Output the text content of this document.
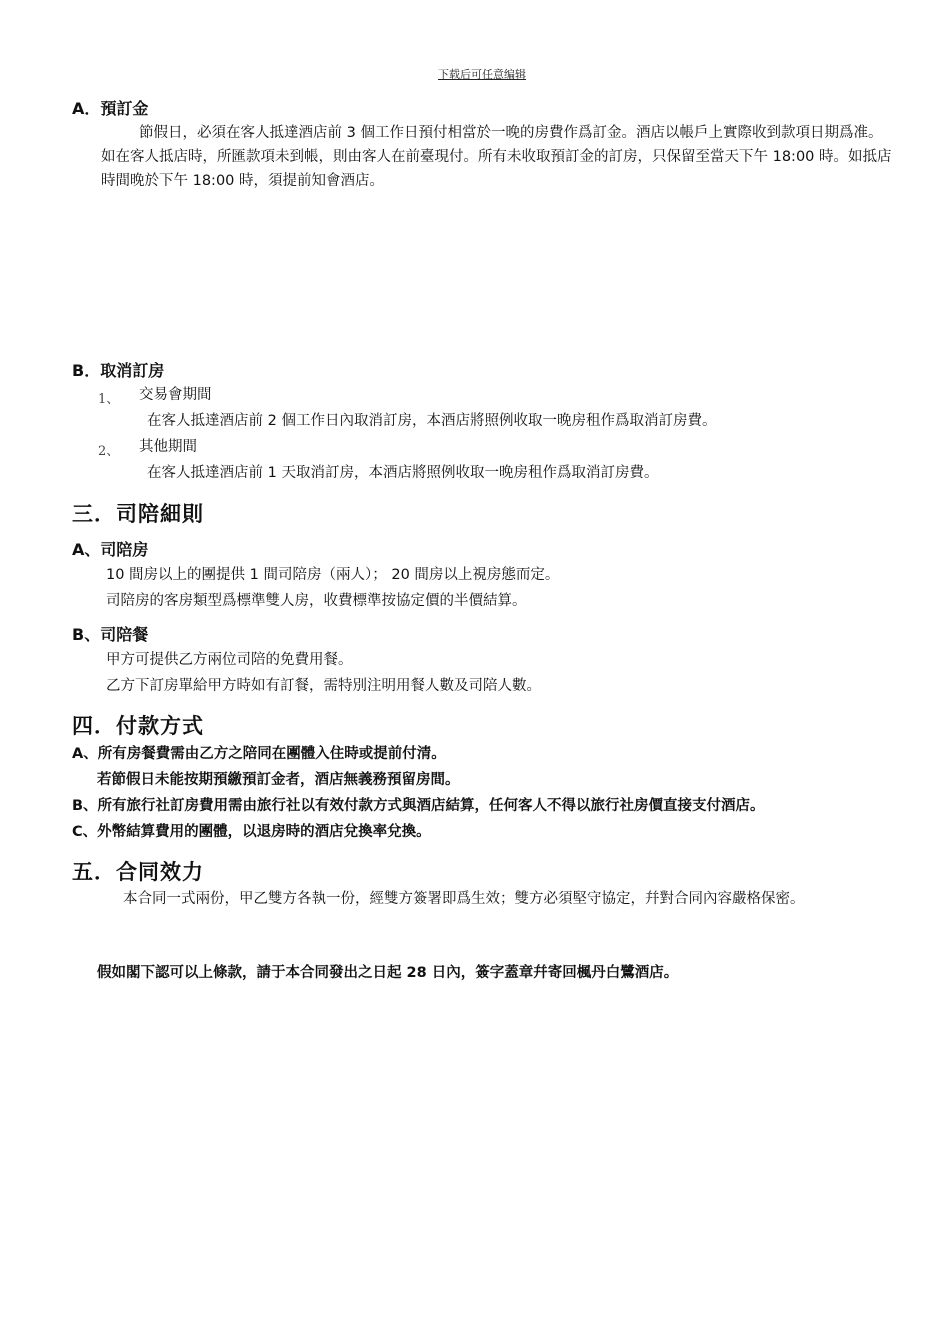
下载后可任意编辑
A．預訂金
節假日，必須在客人抵達酒店前 3 個工作日預付相當於一晚的房費作爲訂金。酒店以帳戶上實際收到款項日期爲准。如在客人抵店時，所匯款項未到帳，則由客人在前臺現付。所有未收取預訂金的訂房，只保留至當天下午 18:00 時。如抵店時間晚於下午 18:00 時，須提前知會酒店。
B．取消訂房
1、 交易會期間
在客人抵達酒店前 2 個工作日內取消訂房，本酒店將照例收取一晚房租作爲取消訂房費。
2、 其他期間
在客人抵達酒店前 1 天取消訂房，本酒店將照例收取一晚房租作爲取消訂房費。
三．司陪細則
A、司陪房
10 間房以上的團提供 1 間司陪房（兩人）； 20 間房以上視房態而定。
司陪房的客房類型爲標準雙人房，收費標準按協定價的半價結算。
B、司陪餐
甲方可提供乙方兩位司陪的免費用餐。
乙方下訂房單給甲方時如有訂餐，需特別注明用餐人數及司陪人數。
四．付款方式
A、所有房餐費需由乙方之陪同在團體入住時或提前付清。
若節假日未能按期預繳預訂金者，酒店無義務預留房間。
B、所有旅行社訂房費用需由旅行社以有效付款方式與酒店結算，任何客人不得以旅行社房價直接支付酒店。
C、外幣結算費用的團體，以退房時的酒店兌換率兌換。
五．合同效力
本合同一式兩份，甲乙雙方各執一份，經雙方簽署即爲生效；雙方必須堅守協定，幷對合同內容嚴格保密。
假如閣下認可以上條款，請于本合同發出之日起 28 日內，簽字蓋章幷寄回楓丹白鷺酒店。
